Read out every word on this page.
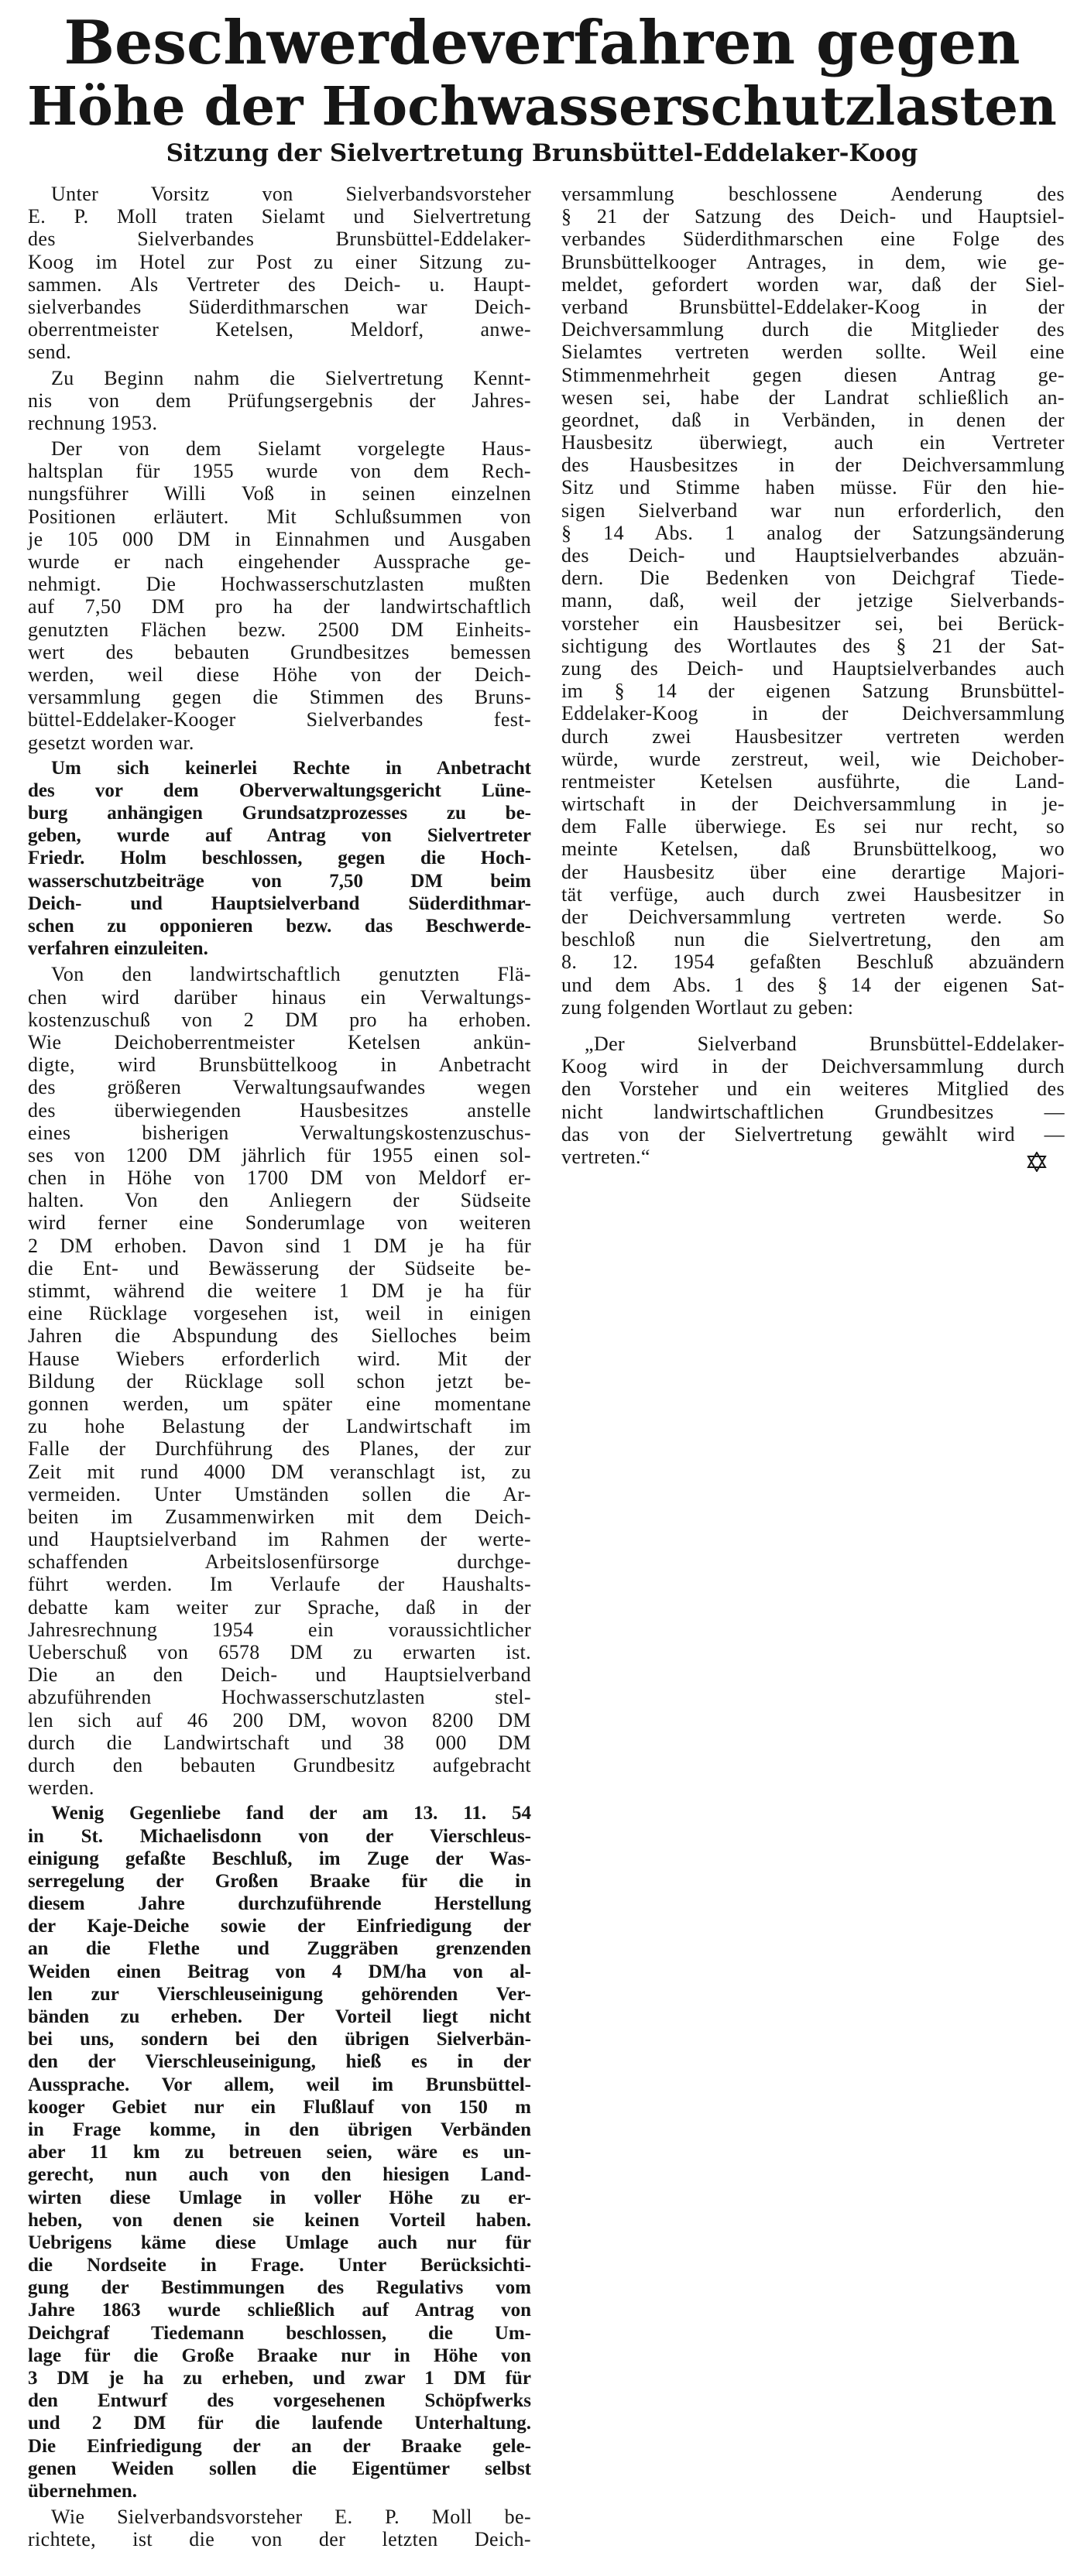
Beschwerdeverfahren gegen
Höhe der Hochwasserschutzlasten
Sitzung der Sielvertretung Brunsbüttel-Eddelaker-Koog
Unter Vorsitz von Sielverbandsvorsteher
E. P. Moll traten Sielamt und Sielvertretung
des Sielverbandes Brunsbüttel-Eddelaker-
Koog im Hotel zur Post zu einer Sitzung zu-
sammen. Als Vertreter des Deich- u. Haupt-
sielverbandes Süderdithmarschen war Deich-
oberrentmeister Ketelsen, Meldorf, anwe-
send.
Zu Beginn nahm die Sielvertretung Kennt-
nis von dem Prüfungsergebnis der Jahres-
rechnung 1953.
Der von dem Sielamt vorgelegte Haus-
haltsplan für 1955 wurde von dem Rech-
nungsführer Willi Voß in seinen einzelnen
Positionen erläutert. Mit Schlußsummen von
je 105 000 DM in Einnahmen und Ausgaben
wurde er nach eingehender Aussprache ge-
nehmigt. Die Hochwasserschutzlasten mußten
auf 7,50 DM pro ha der landwirtschaftlich
genutzten Flächen bezw. 2500 DM Einheits-
wert des bebauten Grundbesitzes bemessen
werden, weil diese Höhe von der Deich-
versammlung gegen die Stimmen des Bruns-
büttel-Eddelaker-Kooger Sielverbandes fest-
gesetzt worden war.
Um sich keinerlei Rechte in Anbetracht
des vor dem Oberverwaltungsgericht Lüne-
burg anhängigen Grundsatzprozesses zu be-
geben, wurde auf Antrag von Sielvertreter
Friedr. Holm beschlossen, gegen die Hoch-
wasserschutzbeiträge von 7,50 DM beim
Deich- und Hauptsielverband Süderdithmar-
schen zu opponieren bezw. das Beschwerde-
verfahren einzuleiten.
Von den landwirtschaftlich genutzten Flä-
chen wird darüber hinaus ein Verwaltungs-
kostenzuschuß von 2 DM pro ha erhoben.
Wie Deichoberrentmeister Ketelsen ankün-
digte, wird Brunsbüttelkoog in Anbetracht
des größeren Verwaltungsaufwandes wegen
des überwiegenden Hausbesitzes anstelle
eines bisherigen Verwaltungskostenzuschus-
ses von 1200 DM jährlich für 1955 einen sol-
chen in Höhe von 1700 DM von Meldorf er-
halten. Von den Anliegern der Südseite
wird ferner eine Sonderumlage von weiteren
2 DM erhoben. Davon sind 1 DM je ha für
die Ent- und Bewässerung der Südseite be-
stimmt, während die weitere 1 DM je ha für
eine Rücklage vorgesehen ist, weil in einigen
Jahren die Abspundung des Sielloches beim
Hause Wiebers erforderlich wird. Mit der
Bildung der Rücklage soll schon jetzt be-
gonnen werden, um später eine momentane
zu hohe Belastung der Landwirtschaft im
Falle der Durchführung des Planes, der zur
Zeit mit rund 4000 DM veranschlagt ist, zu
vermeiden. Unter Umständen sollen die Ar-
beiten im Zusammenwirken mit dem Deich-
und Hauptsielverband im Rahmen der werte-
schaffenden Arbeitslosenfürsorge durchge-
führt werden. Im Verlaufe der Haushalts-
debatte kam weiter zur Sprache, daß in der
Jahresrechnung 1954 ein voraussichtlicher
Ueberschuß von 6578 DM zu erwarten ist.
Die an den Deich- und Hauptsielverband
abzuführenden Hochwasserschutzlasten stel-
len sich auf 46 200 DM, wovon 8200 DM
durch die Landwirtschaft und 38 000 DM
durch den bebauten Grundbesitz aufgebracht
werden.
Wenig Gegenliebe fand der am 13. 11. 54
in St. Michaelisdonn von der Vierschleus-
einigung gefaßte Beschluß, im Zuge der Was-
serregelung der Großen Braake für die in
diesem Jahre durchzuführende Herstellung
der Kaje-Deiche sowie der Einfriedigung der
an die Flethe und Zuggräben grenzenden
Weiden einen Beitrag von 4 DM/ha von al-
len zur Vierschleuseinigung gehörenden Ver-
bänden zu erheben. Der Vorteil liegt nicht
bei uns, sondern bei den übrigen Sielverbän-
den der Vierschleuseinigung, hieß es in der
Aussprache. Vor allem, weil im Brunsbüttel-
kooger Gebiet nur ein Flußlauf von 150 m
in Frage komme, in den übrigen Verbänden
aber 11 km zu betreuen seien, wäre es un-
gerecht, nun auch von den hiesigen Land-
wirten diese Umlage in voller Höhe zu er-
heben, von denen sie keinen Vorteil haben.
Uebrigens käme diese Umlage auch nur für
die Nordseite in Frage. Unter Berücksichti-
gung der Bestimmungen des Regulativs vom
Jahre 1863 wurde schließlich auf Antrag von
Deichgraf Tiedemann beschlossen, die Um-
lage für die Große Braake nur in Höhe von
3 DM je ha zu erheben, und zwar 1 DM für
den Entwurf des vorgesehenen Schöpfwerks
und 2 DM für die laufende Unterhaltung.
Die Einfriedigung der an der Braake gele-
genen Weiden sollen die Eigentümer selbst
übernehmen.
Wie Sielverbandsvorsteher E. P. Moll be-
richtete, ist die von der letzten Deich-
versammlung beschlossene Aenderung des
§ 21 der Satzung des Deich- und Hauptsiel-
verbandes Süderdithmarschen eine Folge des
Brunsbüttelkooger Antrages, in dem, wie ge-
meldet, gefordert worden war, daß der Siel-
verband Brunsbüttel-Eddelaker-Koog in der
Deichversammlung durch die Mitglieder des
Sielamtes vertreten werden sollte. Weil eine
Stimmenmehrheit gegen diesen Antrag ge-
wesen sei, habe der Landrat schließlich an-
geordnet, daß in Verbänden, in denen der
Hausbesitz überwiegt, auch ein Vertreter
des Hausbesitzes in der Deichversammlung
Sitz und Stimme haben müsse. Für den hie-
sigen Sielverband war nun erforderlich, den
§ 14 Abs. 1 analog der Satzungsänderung
des Deich- und Hauptsielverbandes abzuän-
dern. Die Bedenken von Deichgraf Tiede-
mann, daß, weil der jetzige Sielverbands-
vorsteher ein Hausbesitzer sei, bei Berück-
sichtigung des Wortlautes des § 21 der Sat-
zung des Deich- und Hauptsielverbandes auch
im § 14 der eigenen Satzung Brunsbüttel-
Eddelaker-Koog in der Deichversammlung
durch zwei Hausbesitzer vertreten werden
würde, wurde zerstreut, weil, wie Deichober-
rentmeister Ketelsen ausführte, die Land-
wirtschaft in der Deichversammlung in je-
dem Falle überwiege. Es sei nur recht, so
meinte Ketelsen, daß Brunsbüttelkoog, wo
der Hausbesitz über eine derartige Majori-
tät verfüge, auch durch zwei Hausbesitzer in
der Deichversammlung vertreten werde. So
beschloß nun die Sielvertretung, den am
8. 12. 1954 gefaßten Beschluß abzuändern
und dem Abs. 1 des § 14 der eigenen Sat-
zung folgenden Wortlaut zu geben:
„Der Sielverband Brunsbüttel-Eddelaker-
Koog wird in der Deichversammlung durch
den Vorsteher und ein weiteres Mitglied des
nicht landwirtschaftlichen Grundbesitzes —
das von der Sielvertretung gewählt wird —
vertreten.“
